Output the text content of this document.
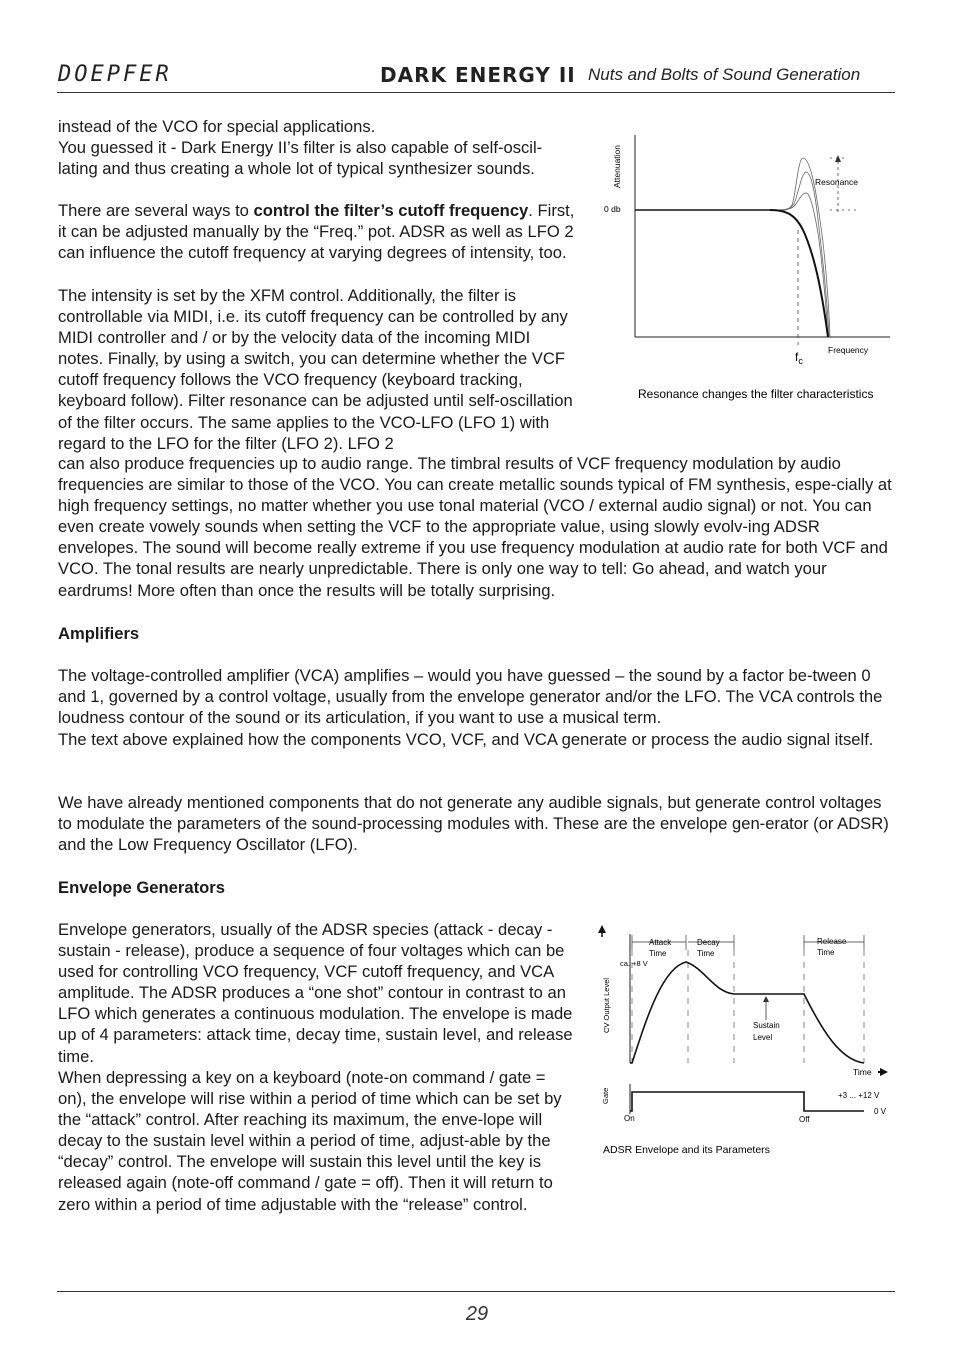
DOEPFER	DARK ENERGY II Nuts and Bolts of Sound Generation

instead of the VCO for special applications.

You guessed it - Dark Energy II’s filter is also capable of self-oscil-lating and thus creating a whole lot of typical synthesizer sounds.

There are several ways to control the filter’s cutoff frequency. First, it can be adjusted manually by the “Freq.” pot. ADSR as well as LFO 2 can influence the cutoff frequency at varying degrees of intensity, too.

The intensity is set by the XFM control. Additionally, the filter is controllable via MIDI, i.e. its cutoff frequency can be controlled by any MIDI controller and / or by the velocity data of the incoming MIDI notes. Finally, by using a switch, you can determine whether the VCF cutoff frequency follows the VCO frequency (keyboard tracking, keyboard follow). Filter resonance can be adjusted until self-oscillation of the filter occurs. The same applies to the VCO-LFO (LFO 1) with regard to the LFO for the filter (LFO 2). LFO 2

can also produce frequencies up to audio range. The timbral results of VCF frequency modulation by audio frequencies are similar to those of the VCO. You can create metallic sounds typical of FM synthesis, espe-cially at high frequency settings, no matter whether you use tonal material (VCO / external audio signal) or not. You can even create vowely sounds when setting the VCF to the appropriate value, using slowly evolv-ing ADSR envelopes. The sound will become really extreme if you use frequency modulation at audio rate for both VCF and VCO. The tonal results are nearly unpredictable. There is only one way to tell: Go ahead, and watch your eardrums! More often than once the results will be totally surprising.

Amplifiers

The voltage-controlled amplifier (VCA) amplifies – would you have guessed – the sound by a factor be-tween 0 and 1, governed by a control voltage, usually from the envelope generator and/or the LFO. The VCA controls the loudness contour of the sound or its articulation, if you want to use a musical term.

The text above explained how the components VCO, VCF, and VCA generate or process the audio signal itself.

We have already mentioned components that do not generate any audible signals, but generate control voltages to modulate the parameters of the sound-processing modules with. These are the envelope gen-erator (or ADSR) and the Low Frequency Oscillator (LFO).

Envelope Generators

Envelope generators, usually of the ADSR species (attack - decay - sustain - release), produce a sequence of four voltages which can be used for controlling VCO frequency, VCF cutoff frequency, and VCA amplitude. The ADSR produces a “one shot” contour in contrast to an LFO which generates a continuous modulation. The envelope is made up of 4 parameters: attack time, decay time, sustain level, and release time.

When depressing a key on a keyboard (note-on command / gate = on), the envelope will rise within a period of time which can be set by the “attack” control. After reaching its maximum, the enve-lope will decay to the sustain level within a period of time, adjust-able by the “decay” control. The envelope will sustain this level until the key is released again (note-off command / gate = off). Then it will return to zero within a period of time adjustable with the “release” control.

Attenuation
0 db
Resonance
$f_c$
Frequency
Resonance changes the filter characteristics
CV Output Level
Attack
Time
Decay
Time
Release
Time
ca. +8 V
Sustain
Level
Time
Gate
On	Off
+3 ... +12 V
0 V
ADSR Envelope and its Parameters
29
